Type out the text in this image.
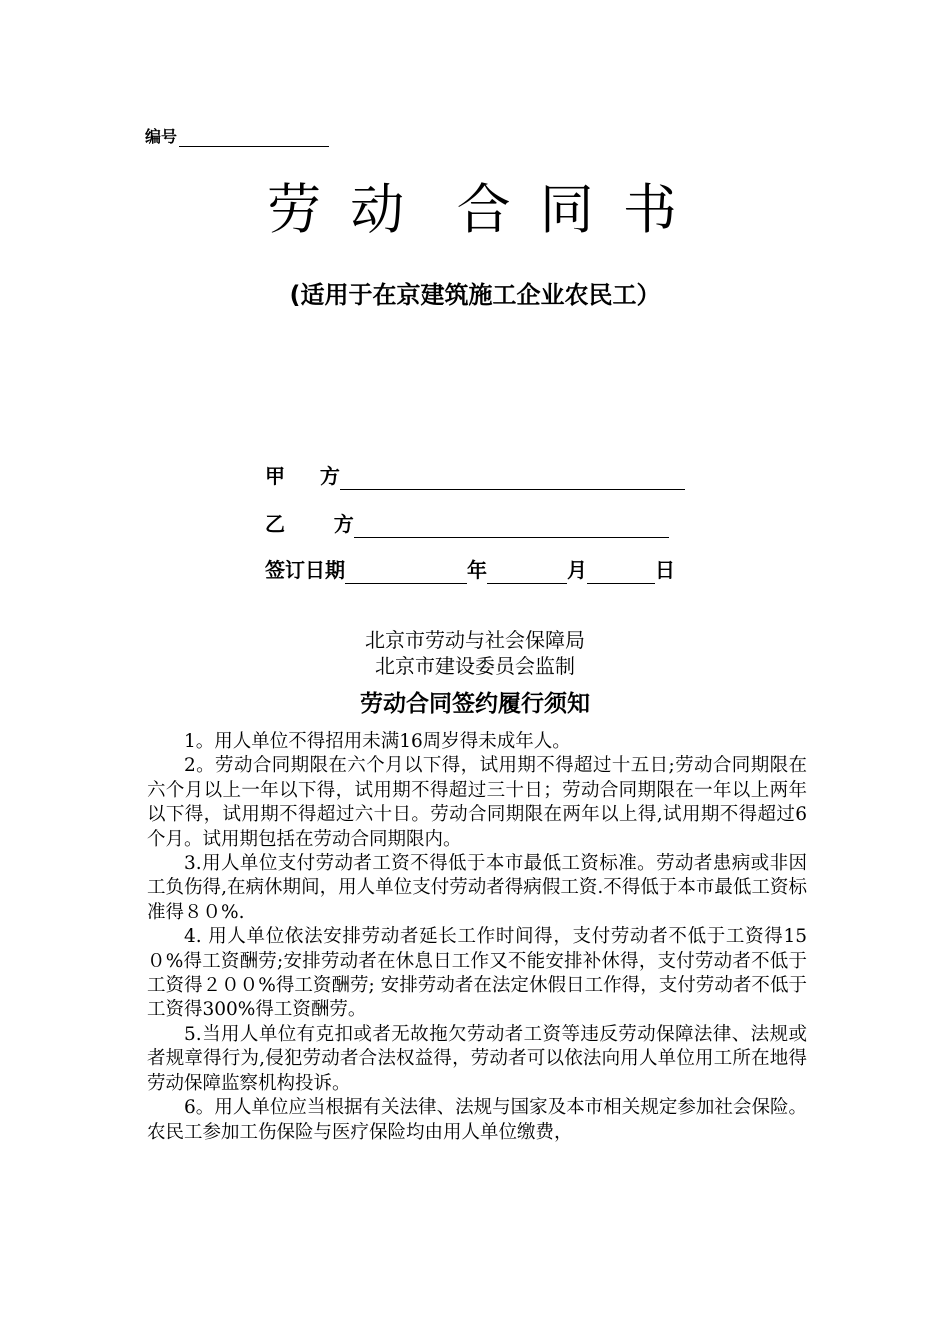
编号
劳 动  合 同 书
(适用于在京建筑施工企业农民工）
甲     方
乙       方
签订日期	年	月	日
北京市劳动与社会保障局
北京市建设委员会监制
劳动合同签约履行须知

1。用人单位不得招用未满16周岁得未成年人。

2。劳动合同期限在六个月以下得，试用期不得超过十五日;劳动合同期限在六个月以上一年以下得，试用期不得超过三十日；劳动合同期限在一年以上两年以下得，试用期不得超过六十日。劳动合同期限在两年以上得,试用期不得超过6个月。试用期包括在劳动合同期限内。

3.用人单位支付劳动者工资不得低于本市最低工资标准。劳动者患病或非因工负伤得,在病休期间，用人单位支付劳动者得病假工资.不得低于本市最低工资标准得８０%.

4. 用人单位依法安排劳动者延长工作时间得，支付劳动者不低于工资得15０%得工资酬劳;安排劳动者在休息日工作又不能安排补休得，支付劳动者不低于工资得２００%得工资酬劳; 安排劳动者在法定休假日工作得，支付劳动者不低于工资得300%得工资酬劳。

5.当用人单位有克扣或者无故拖欠劳动者工资等违反劳动保障法律、法规或者规章得行为,侵犯劳动者合法权益得，劳动者可以依法向用人单位用工所在地得劳动保障监察机构投诉。

6。用人单位应当根据有关法律、法规与国家及本市相关规定参加社会保险。农民工参加工伤保险与医疗保险均由用人单位缴费，
